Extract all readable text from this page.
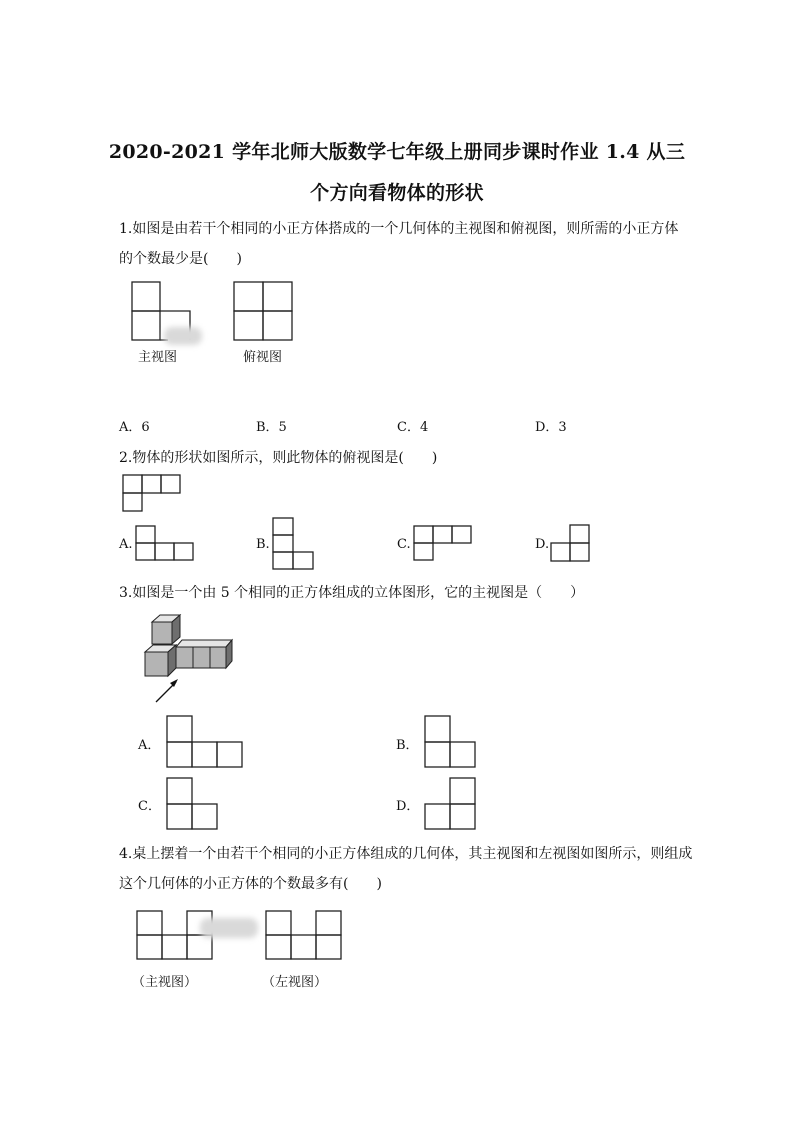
2020-2021 学年北师大版数学七年级上册同步课时作业 1.4 从三
个方向看物体的形状
1.如图是由若干个相同的小正方体搭成的一个几何体的主视图和俯视图，则所需的小正方体
的个数最少是(　　)
主视图	俯视图
A．6	B．5	C．4	D．3
2.物体的形状如图所示，则此物体的俯视图是(　　)
A.	B.	C.	D.
3.如图是一个由 5 个相同的正方体组成的立体图形，它的主视图是（　　）
A．	B．
C．	D．
4.桌上摆着一个由若干个相同的小正方体组成的几何体，其主视图和左视图如图所示，则组成
这个几何体的小正方体的个数最多有(　　)
（主视图）	（左视图）
